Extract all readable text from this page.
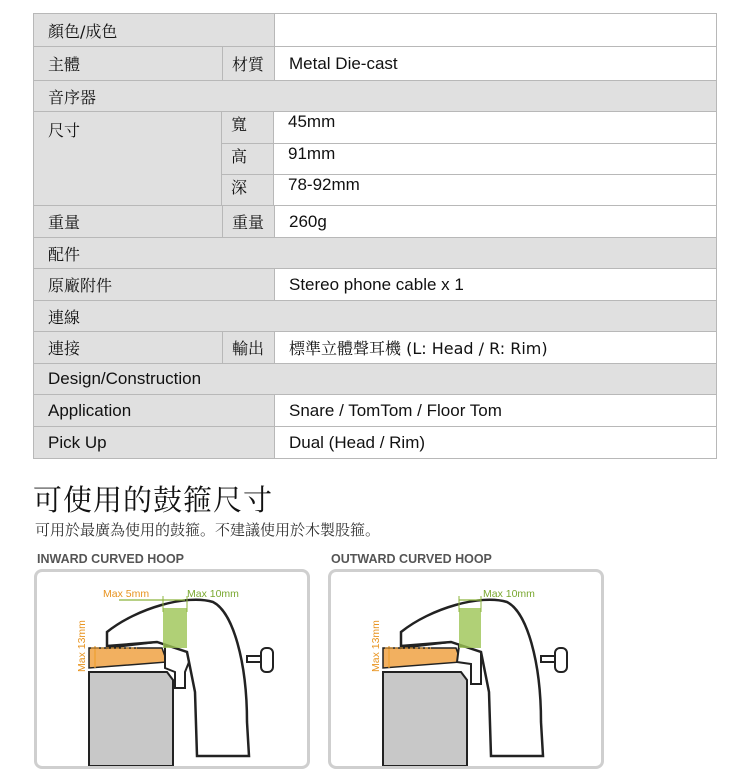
顏色/成色
主體	材質	Metal Die-cast
音序器
尺寸	寬	45mm
高	91mm
深	78-92mm
重量	重量	260g
配件
原廠附件	Stereo phone cable x 1
連線
連接	輸出	標準立體聲耳機 (L: Head / R: Rim)
Design/Construction
Application	Snare / TomTom / Floor Tom
Pick Up	Dual (Head / Rim)
可使用的鼓箍尺寸
可用於最廣為使用的鼓箍。不建議使用於木製股箍。
INWARD CURVED HOOP
Max 5mm	Max 10mm
Max 13mm
OUTWARD CURVED HOOP
Max 10mm
Max 13mm
